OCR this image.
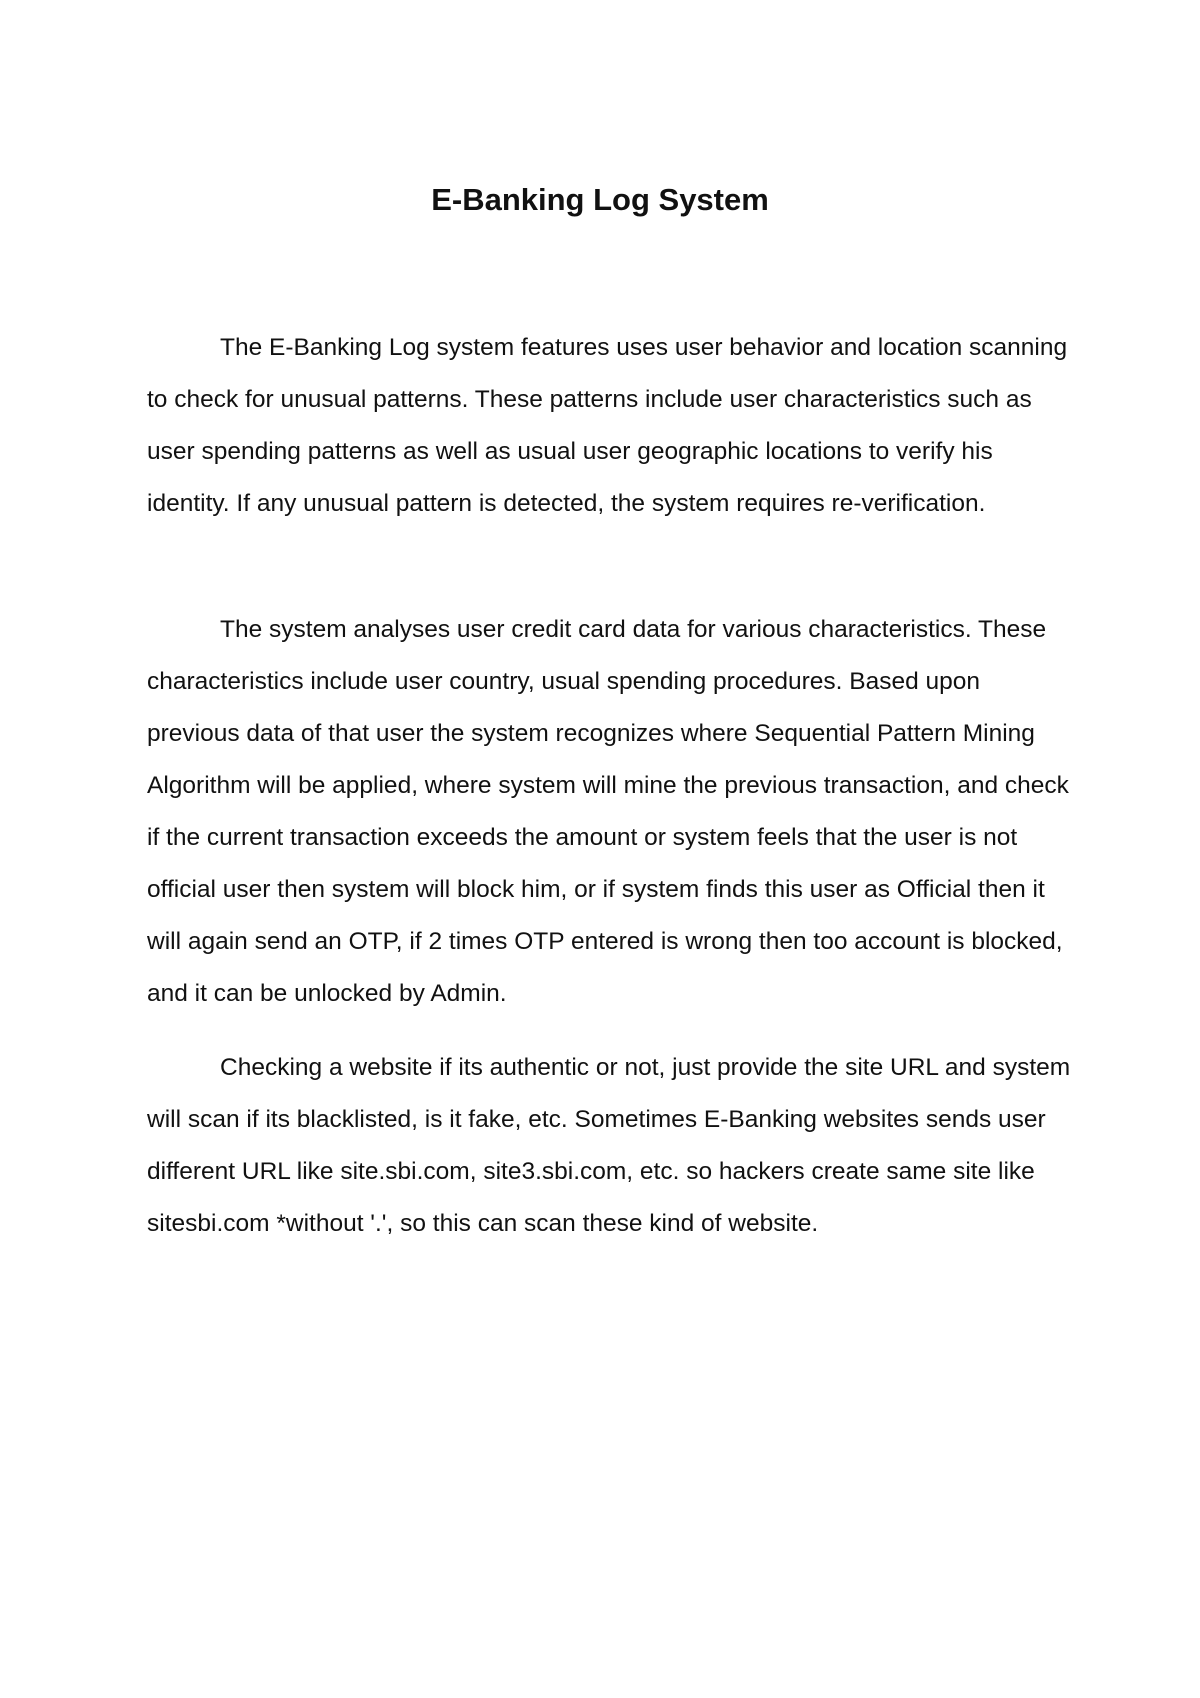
E-Banking Log System

The E-Banking Log system features uses user behavior and location scanning to check for unusual patterns. These patterns include user characteristics such as user spending patterns as well as usual user geographic locations to verify his identity. If any unusual pattern is detected, the system requires re-verification.

The system analyses user credit card data for various characteristics. These characteristics include user country, usual spending procedures. Based upon previous data of that user the system recognizes where Sequential Pattern Mining Algorithm will be applied, where system will mine the previous transaction, and check if the current transaction exceeds the amount or system feels that the user is not official user then system will block him, or if system finds this user as Official then it will again send an OTP, if 2 times OTP entered is wrong then too account is blocked, and it can be unlocked by Admin.

Checking a website if its authentic or not, just provide the site URL and system will scan if its blacklisted, is it fake, etc. Sometimes E-Banking websites sends user different URL like site.sbi.com, site3.sbi.com, etc. so hackers create same site like sitesbi.com *without '.', so this can scan these kind of website.
